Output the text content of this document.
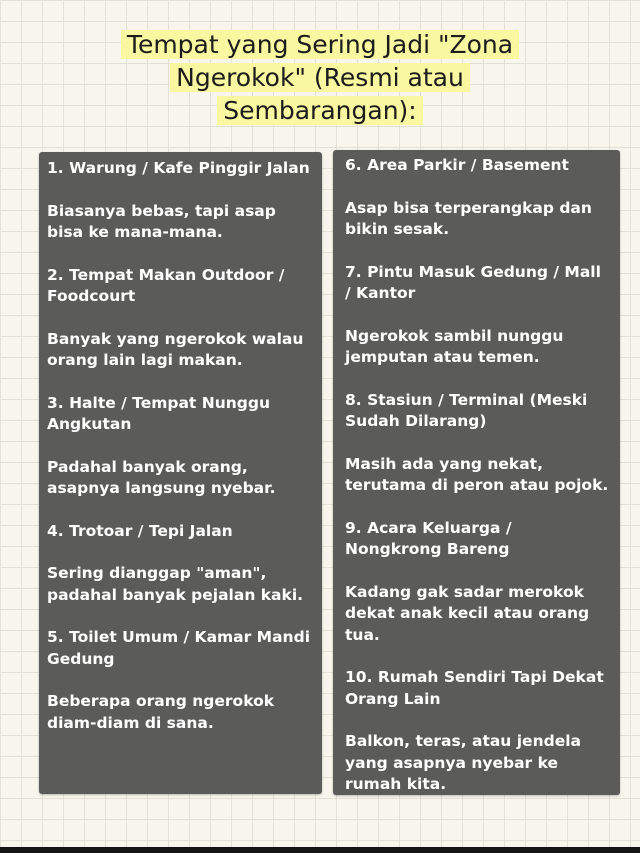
Tempat yang Sering Jadi "Zona Ngerokok" (Resmi atau Sembarangan):
1. Warung / Kafe Pinggir Jalan
Biasanya bebas, tapi asap bisa ke mana-mana.
2. Tempat Makan Outdoor / Foodcourt
Banyak yang ngerokok walau orang lain lagi makan.
3. Halte / Tempat Nunggu Angkutan
Padahal banyak orang, asapnya langsung nyebar.
4. Trotoar / Tepi Jalan
Sering dianggap "aman", padahal banyak pejalan kaki.
5. Toilet Umum / Kamar Mandi Gedung
Beberapa orang ngerokok diam-diam di sana.
6. Area Parkir / Basement
Asap bisa terperangkap dan bikin sesak.
7. Pintu Masuk Gedung / Mall / Kantor
Ngerokok sambil nunggu jemputan atau temen.
8. Stasiun / Terminal (Meski Sudah Dilarang)
Masih ada yang nekat, terutama di peron atau pojok.
9. Acara Keluarga / Nongkrong Bareng
Kadang gak sadar merokok dekat anak kecil atau orang tua.
10. Rumah Sendiri Tapi Dekat Orang Lain
Balkon, teras, atau jendela yang asapnya nyebar ke rumah kita.
